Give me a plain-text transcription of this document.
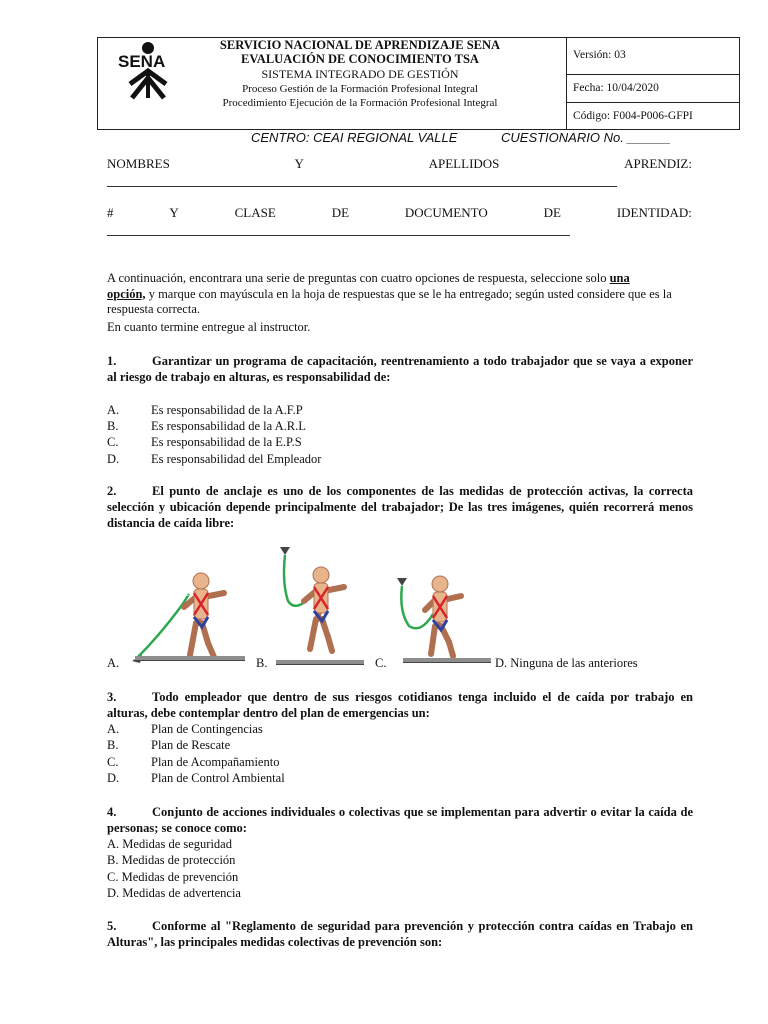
SENA
SERVICIO NACIONAL DE APRENDIZAJE SENA
EVALUACIÓN DE CONOCIMIENTO TSA
SISTEMA INTEGRADO DE GESTIÓN
Proceso Gestión de la Formación Profesional Integral
Procedimiento Ejecución de la Formación Profesional Integral
Versión: 03
Fecha: 10/04/2020
Código: F004-P006-GFPI
CENTRO: CEAI REGIONAL VALLE	CUESTIONARIO No. ______
NOMBRES	Y	APELLIDOS	APRENDIZ:
#	Y	CLASE	DE	DOCUMENTO	DE	IDENTIDAD:
A continuación, encontrara una serie de preguntas con cuatro opciones de respuesta, seleccione solo una
opción, y marque con mayúscula en la hoja de respuestas que se le ha entregado; según usted considere que es la respuesta correcta.
En cuanto termine entregue al instructor.
1.	Garantizar un programa de capacitación, reentrenamiento a todo trabajador que se vaya a exponer al riesgo de trabajo en alturas, es responsabilidad de:
A.	Es responsabilidad de la A.F.P
B.	Es responsabilidad de la A.R.L
C.	Es responsabilidad de la E.P.S
D.	Es responsabilidad del Empleador
2.	El punto de anclaje es uno de los componentes de las medidas de protección activas, la correcta selección y ubicación depende principalmente del trabajador; De las tres imágenes, quién recorrerá menos distancia de caída libre:
A.	B.	C.	D. Ninguna de las anteriores
3.	Todo empleador que dentro de sus riesgos cotidianos tenga incluido el de caída por trabajo en alturas, debe contemplar dentro del plan de emergencias un:
A.	Plan de Contingencias
B.	Plan de Rescate
C.	Plan de Acompañamiento
D.	Plan de Control Ambiental
4.	Conjunto de acciones individuales o colectivas que se implementan para advertir o evitar la caída de personas; se conoce como:
A. Medidas de seguridad
B. Medidas de protección
C. Medidas de prevención
D. Medidas de advertencia
5.	Conforme al "Reglamento de seguridad para prevención y protección contra caídas en Trabajo en Alturas", las principales medidas colectivas de prevención son:
